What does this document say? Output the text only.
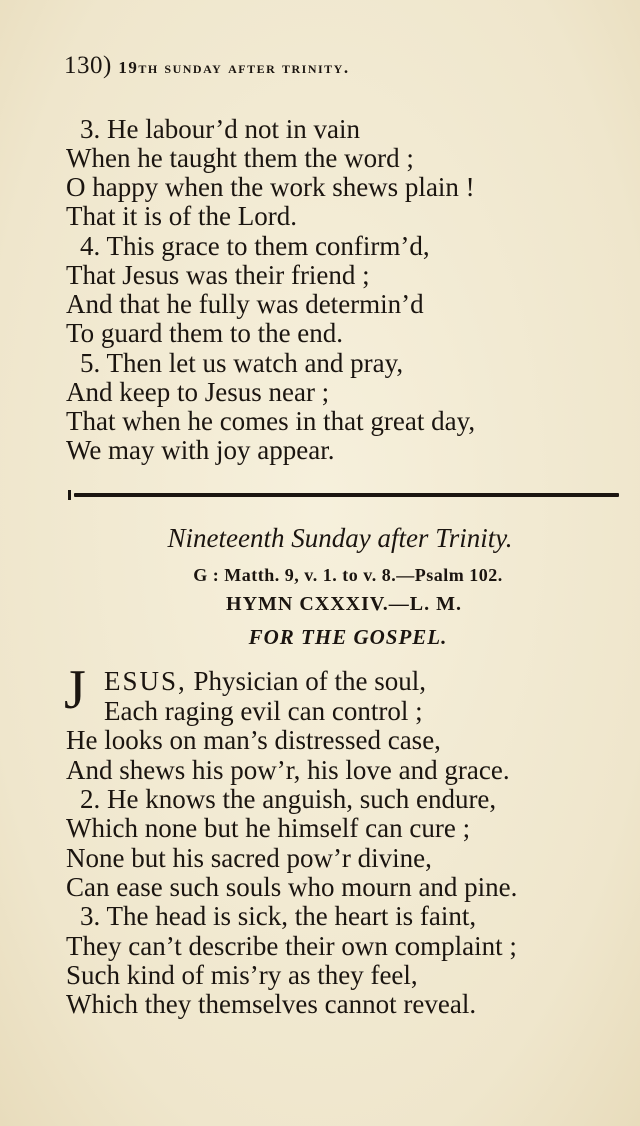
130) 19th sunday after trinity.
3. He labour’d not in vain
When he taught them the word ;
O happy when the work shews plain !
That it is of the Lord.
4. This grace to them confirm’d,
That Jesus was their friend ;
And that he fully was determin’d
To guard them to the end.
5. Then let us watch and pray,
And keep to Jesus near ;
That when he comes in that great day,
We may with joy appear.
Nineteenth Sunday after Trinity.
G : Matth. 9, v. 1. to v. 8.—Psalm 102.
HYMN CXXXIV.—L. M.
FOR THE GOSPEL.
J ESUS, Physician of the soul,
Each raging evil can control ;
He looks on man’s distressed case,
And shews his pow’r, his love and grace.
2. He knows the anguish, such endure,
Which none but he himself can cure ;
None but his sacred pow’r divine,
Can ease such souls who mourn and pine.
3. The head is sick, the heart is faint,
They can’t describe their own complaint ;
Such kind of mis’ry as they feel,
Which they themselves cannot reveal.
